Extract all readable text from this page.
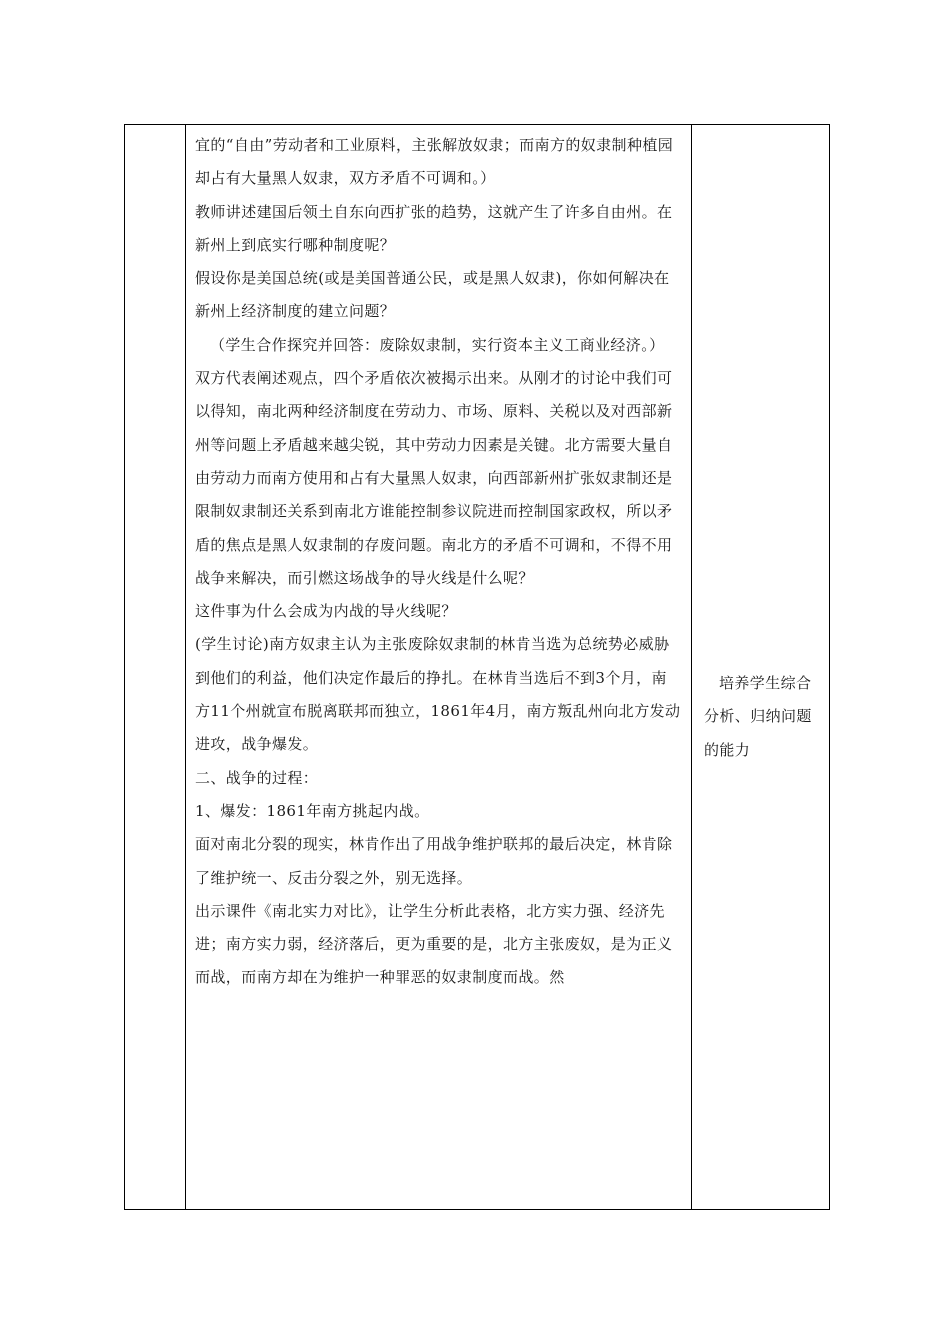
宜的“自由”劳动者和工业原料，主张解放奴隶；而南方的奴隶制种植园却占有大量黑人奴隶，双方矛盾不可调和。）

教师讲述建国后领土自东向西扩张的趋势，这就产生了许多自由州。在新州上到底实行哪种制度呢？

假设你是美国总统(或是美国普通公民，或是黑人奴隶)，你如何解决在新州上经济制度的建立问题？

（学生合作探究并回答：废除奴隶制，实行资本主义工商业经济。）

双方代表阐述观点，四个矛盾依次被揭示出来。从刚才的讨论中我们可以得知，南北两种经济制度在劳动力、市场、原料、关税以及对西部新州等问题上矛盾越来越尖锐，其中劳动力因素是关键。北方需要大量自由劳动力而南方使用和占有大量黑人奴隶，向西部新州扩张奴隶制还是限制奴隶制还关系到南北方谁能控制参议院进而控制国家政权，所以矛盾的焦点是黑人奴隶制的存废问题。南北方的矛盾不可调和，不得不用战争来解决，而引燃这场战争的导火线是什么呢？

这件事为什么会成为内战的导火线呢？

(学生讨论)南方奴隶主认为主张废除奴隶制的林肯当选为总统势必威胁到他们的利益，他们决定作最后的挣扎。在林肯当选后不到3个月，南方11个州就宣布脱离联邦而独立，1861年4月，南方叛乱州向北方发动进攻，战争爆发。

二、战争的过程：

1、爆发：1861年南方挑起内战。

面对南北分裂的现实，林肯作出了用战争维护联邦的最后决定，林肯除了维护统一、反击分裂之外，别无选择。

出示课件《南北实力对比》，让学生分析此表格，北方实力强、经济先进；南方实力弱，经济落后，更为重要的是，北方主张废奴，是为正义而战，而南方却在为维护一种罪恶的奴隶制度而战。然

培养学生综合分析、归纳问题的能力
